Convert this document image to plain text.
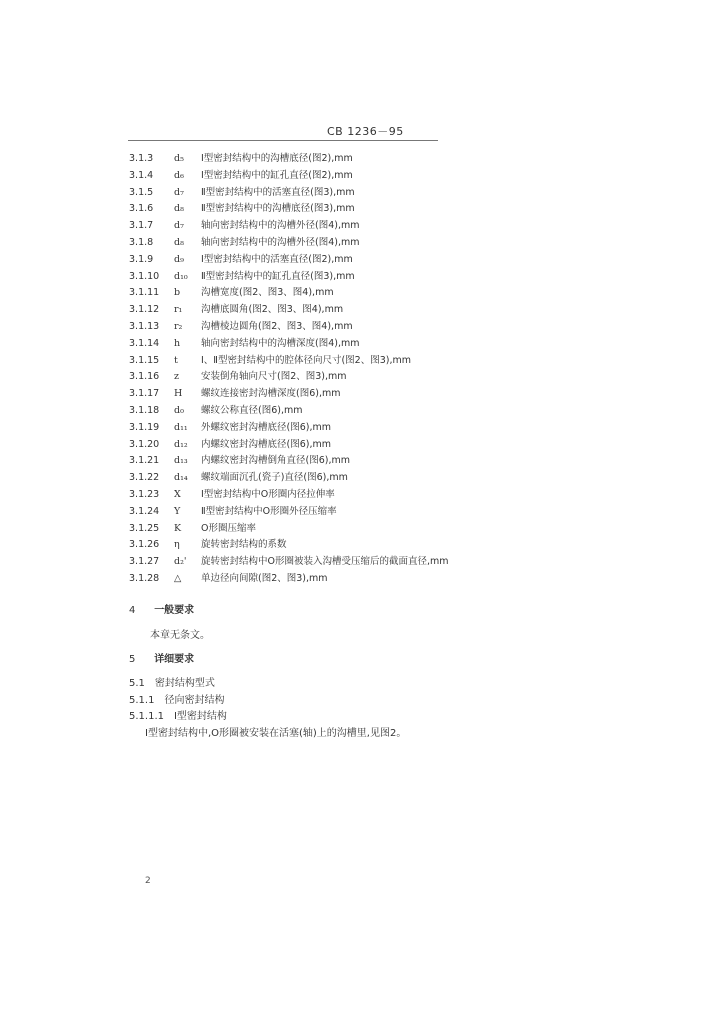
CB 1236－95
3.1.3	d₅	Ⅰ型密封结构中的沟槽底径(图2),mm
3.1.4	d₆	Ⅰ型密封结构中的缸孔直径(图2),mm
3.1.5	d₇	Ⅱ型密封结构中的活塞直径(图3),mm
3.1.6	d₈	Ⅱ型密封结构中的沟槽底径(图3),mm
3.1.7	d₇	轴向密封结构中的沟槽外径(图4),mm
3.1.8	d₈	轴向密封结构中的沟槽外径(图4),mm
3.1.9	d₉	Ⅰ型密封结构中的活塞直径(图2),mm
3.1.10	d₁₀	Ⅱ型密封结构中的缸孔直径(图3),mm
3.1.11	b	沟槽宽度(图2、图3、图4),mm
3.1.12	r₁	沟槽底圆角(图2、图3、图4),mm
3.1.13	r₂	沟槽棱边圆角(图2、图3、图4),mm
3.1.14	h	轴向密封结构中的沟槽深度(图4),mm
3.1.15	t	Ⅰ、Ⅱ型密封结构中的腔体径向尺寸(图2、图3),mm
3.1.16	z	安装倒角轴向尺寸(图2、图3),mm
3.1.17	H	螺纹连接密封沟槽深度(图6),mm
3.1.18	d₀	螺纹公称直径(图6),mm
3.1.19	d₁₁	外螺纹密封沟槽底径(图6),mm
3.1.20	d₁₂	内螺纹密封沟槽底径(图6),mm
3.1.21	d₁₃	内螺纹密封沟槽倒角直径(图6),mm
3.1.22	d₁₄	螺纹端面沉孔(瓷子)直径(图6),mm
3.1.23	X	Ⅰ型密封结构中O形圈内径拉伸率
3.1.24	Y	Ⅱ型密封结构中O形圈外径压缩率
3.1.25	K	O形圈压缩率
3.1.26	η	旋转密封结构的系数
3.1.27	d₂'	旋转密封结构中O形圈被装入沟槽受压缩后的截面直径,mm
3.1.28	△	单边径向间隙(图2、图3),mm
4 一般要求
本章无条文。
5 详细要求
5.1　密封结构型式
5.1.1　径向密封结构
5.1.1.1　Ⅰ型密封结构
Ⅰ型密封结构中,O形圈被安装在活塞(轴)上的沟槽里,见图2。
2
